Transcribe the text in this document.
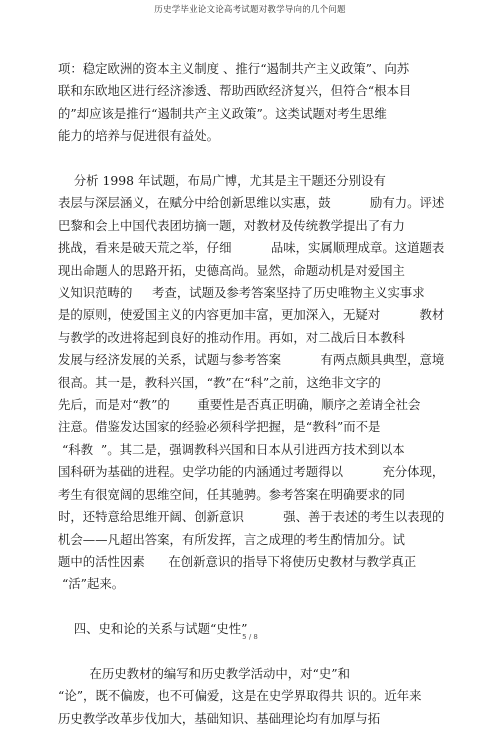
历史学毕业论文论高考试题对教学导向的几个问题
项：稳定欧洲的资本主义制度 、推行“遏制共产主义政策”、向苏
联和东欧地区进行经济渗透、帮助西欧经济复兴，但符合“根本目
的”却应该是推行“遏制共产主义政策”。这类试题对考生思维
能力的培养与促进很有益处。
分析 1998 年试题，布局广博，尤其是主干题还分别设有
表层与深层涵义，在赋分中给创新思维以实惠，鼓          励有力。评述
巴黎和会上中国代表团坊摘一题，对教材及传统教学提出了有力
挑战，看来是破天荒之举，仔细          品味，实属顺理成章。这道题表
现出命题人的思路开拓，史德高尚。显然，命题动机是对爱国主
义知识范畴的     考查，试题及参考答案坚持了历史唯物主义实事求
是的原则，使爱国主义的内容更加丰富，更加深入，无疑对          教材
与教学的改进将起到良好的推动作用。再如，对二战后日本教科
发展与经济发展的关系，试题与参考答案          有两点颇具典型，意境
很高。其一是，教科兴国，“教”在“科”之前，这绝非文字的
先后，而是对“教”的       重要性是否真正明确，顺序之差请全社会
注意。借鉴发达国家的经验必须科学把握，是“教科”而不是
“科教  ”。其二是，强调教科兴国和日本从引进西方技术到以本
国科研为基础的进程。史学功能的内涵通过考题得以          充分体现，
考生有很宽阔的思维空间，任其驰骋。参考答案在明确要求的同
时，还特意给思维开阔、创新意识          强、善于表述的考生以表现的
机会——凡超出答案，有所发挥，言之成理的考生酌情加分。试
题中的活性因素      在创新意识的指导下将使历史教材与教学真正
“活”起来。
四、史和论的关系与试题“史性”
在历史教材的编写和历史教学活动中，对“史”和
“论”，既不偏废，也不可偏爱，这是在史学界取得共 识的。近年来
历史教学改革步伐加大，基础知识、基础理论均有加厚与拓
5 / 8
